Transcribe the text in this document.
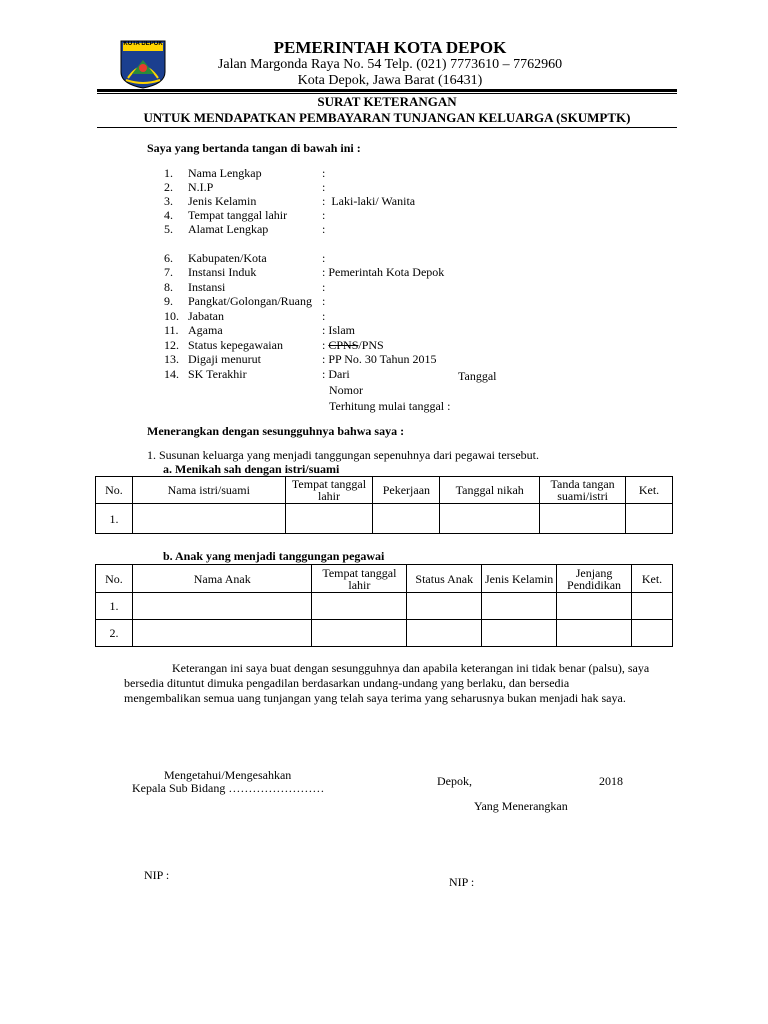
KOTA DEPOK	PEMERINTAH KOTA DEPOK
Jalan Margonda Raya No. 54 Telp. (021) 7773610 – 7762960
Kota Depok, Jawa Barat (16431)
SURAT KETERANGAN
UNTUK MENDAPATKAN PEMBAYARAN TUNJANGAN KELUARGA (SKUMPTK)
Saya yang bertanda tangan di bawah ini :
1. Nama Lengkap	:
2. N.I.P	:
3. Jenis Kelamin	:  Laki-laki/ Wanita
4. Tempat tanggal lahir	:
5. Alamat Lengkap	:
6. Kabupaten/Kota	:
7. Instansi Induk	: Pemerintah Kota Depok
8. Instansi	:
9. Pangkat/Golongan/Ruang :
10. Jabatan	:
11. Agama	: Islam
12. Status kepegawaian	: CPNS/PNS
13. Digaji menurut	: PP No. 30 Tahun 2015
14. SK Terakhir	: Dari	Tanggal
Nomor
Terhitung mulai tanggal :
Menerangkan dengan sesungguhnya bahwa saya :
1. Susunan keluarga yang menjadi tanggungan sepenuhnya dari pegawai tersebut.
a. Menikah sah dengan istri/suami
No.	Nama istri/suami	Tempat tanggal lahir	Pekerjaan	Tanggal nikah	Tanda tangan suami/istri	Ket.
1.						
b. Anak yang menjadi tanggungan pegawai
No.	Nama Anak	Tempat tanggal lahir	Status Anak	Jenis Kelamin	Jenjang Pendidikan	Ket.
1.						
2.						
Keterangan ini saya buat dengan sesungguhnya dan apabila keterangan ini tidak benar (palsu), saya
bersedia dituntut dimuka pengadilan berdasarkan undang-undang yang berlaku, dan bersedia
mengembalikan semua uang tunjangan yang telah saya terima yang seharusnya bukan menjadi hak saya.
Mengetahui/Mengesahkan
Kepala Sub Bidang ……………………	Depok,	2018
Yang Menerangkan
NIP :	NIP :
